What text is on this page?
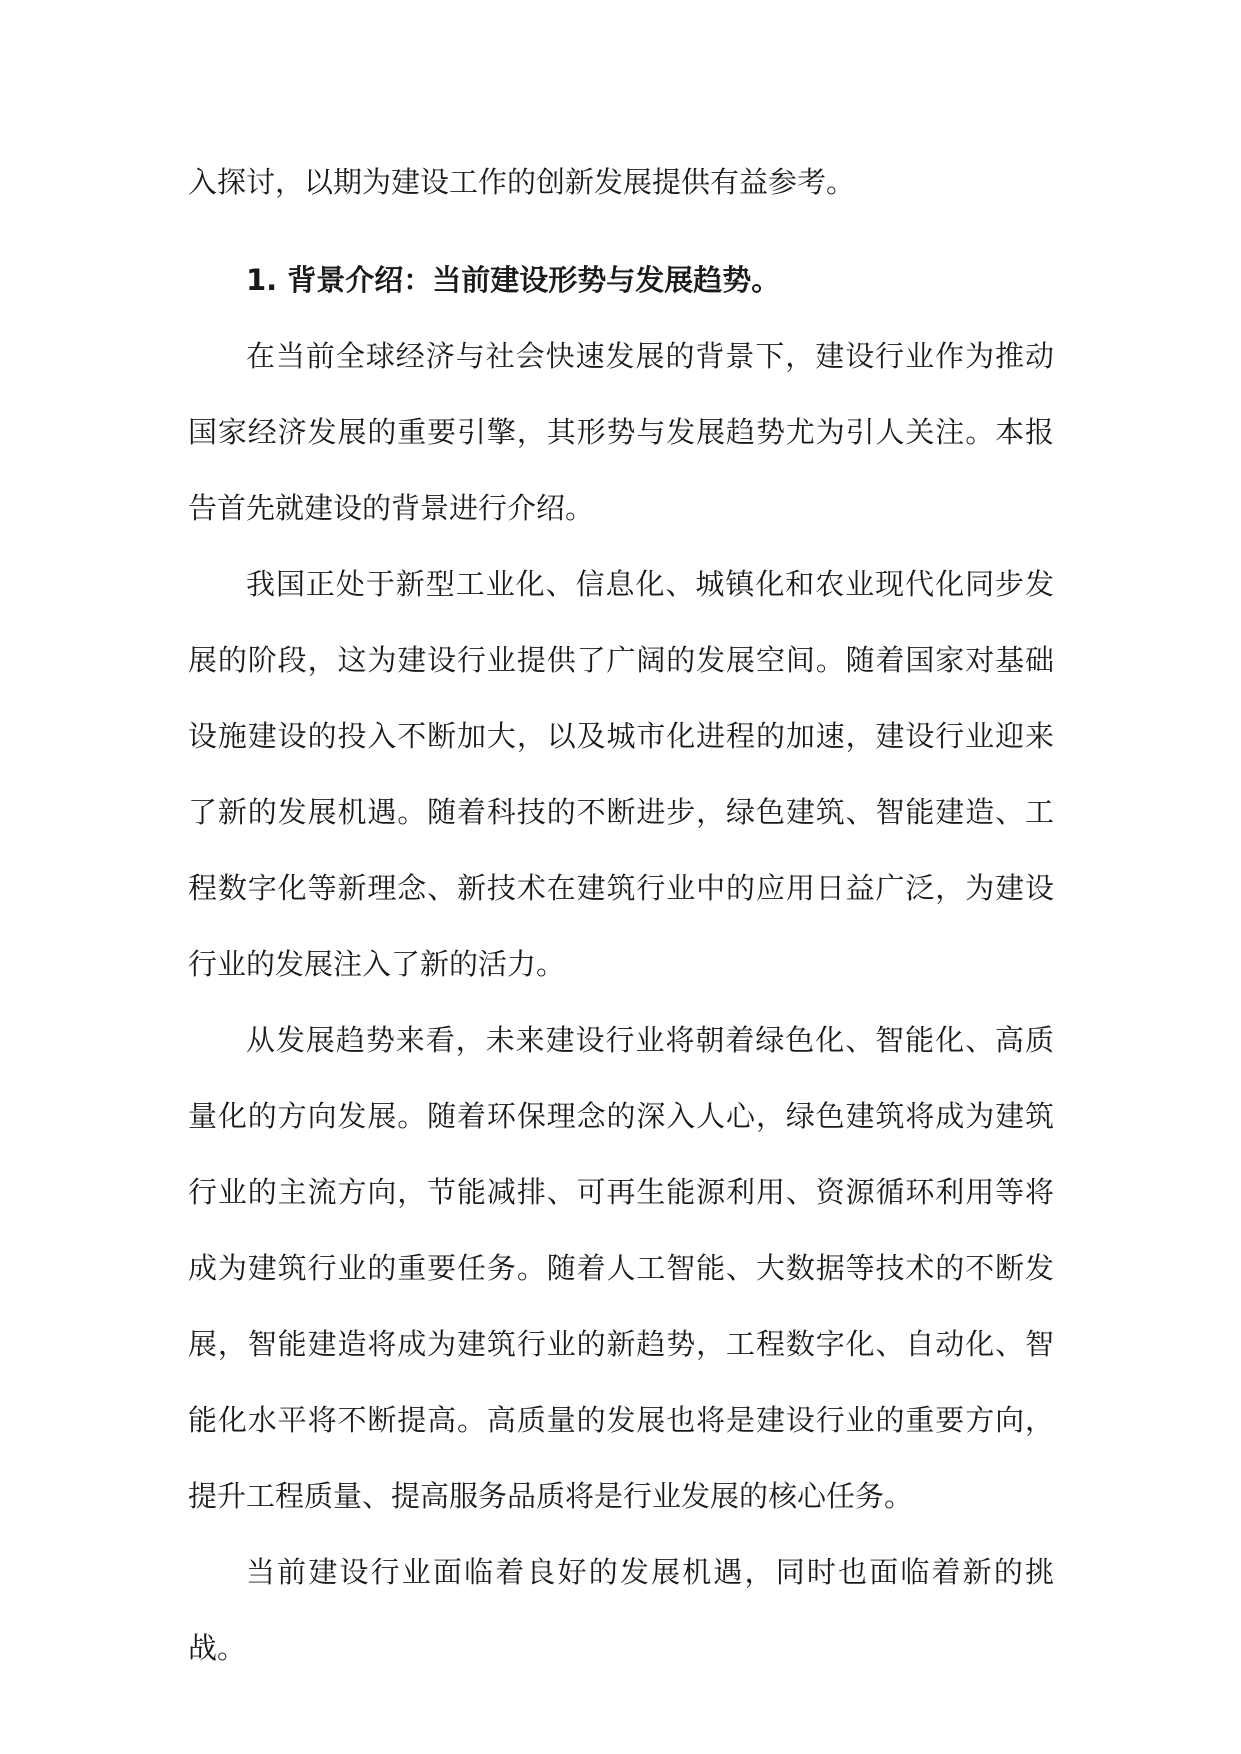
入探讨，以期为建设工作的创新发展提供有益参考。

1. 背景介绍：当前建设形势与发展趋势。

在当前全球经济与社会快速发展的背景下，建设行业作为推动国家经济发展的重要引擎，其形势与发展趋势尤为引人关注。本报告首先就建设的背景进行介绍。

我国正处于新型工业化、信息化、城镇化和农业现代化同步发展的阶段，这为建设行业提供了广阔的发展空间。随着国家对基础设施建设的投入不断加大，以及城市化进程的加速，建设行业迎来了新的发展机遇。随着科技的不断进步，绿色建筑、智能建造、工程数字化等新理念、新技术在建筑行业中的应用日益广泛，为建设行业的发展注入了新的活力。

从发展趋势来看，未来建设行业将朝着绿色化、智能化、高质量化的方向发展。随着环保理念的深入人心，绿色建筑将成为建筑行业的主流方向，节能减排、可再生能源利用、资源循环利用等将成为建筑行业的重要任务。随着人工智能、大数据等技术的不断发展，智能建造将成为建筑行业的新趋势，工程数字化、自动化、智能化水平将不断提高。高质量的发展也将是建设行业的重要方向，提升工程质量、提高服务品质将是行业发展的核心任务。

当前建设行业面临着良好的发展机遇，同时也面临着新的挑战。
